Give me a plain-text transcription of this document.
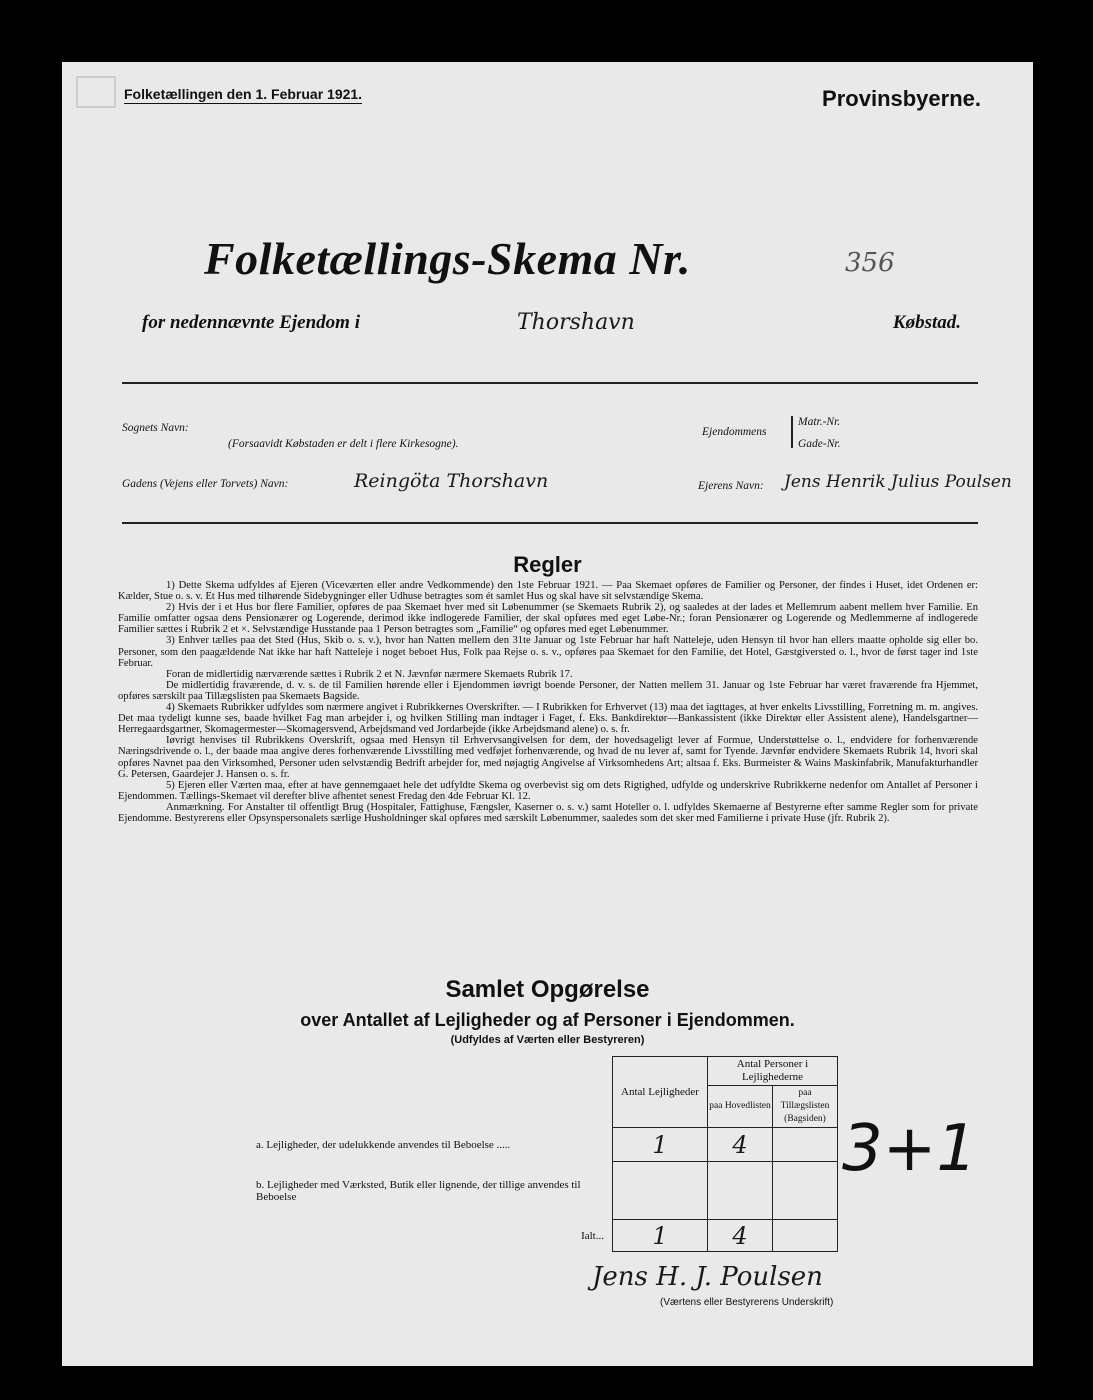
Folketællingen den 1. Februar 1921.	Provinsbyerne.
Folketællings-Skema Nr.	356
for nedennævnte Ejendom i	Thorshavn	Købstad.
Sognets Navn:
(Forsaavidt Købstaden er delt i flere Kirkesogne).
Ejendommens
Matr.-Nr.
Gade-Nr.
Gadens (Vejens eller Torvets) Navn:	Reingöta Thorshavn	Ejerens Navn: Jens Henrik Julius Poulsen
Regler

1) Dette Skema udfyldes af Ejeren (Viceværten eller andre Vedkommende) den 1ste Februar 1921. — Paa Skemaet opføres de Familier og Personer, der findes i Huset, idet Ordenen er: Kælder, Stue o. s. v. Et Hus med tilhørende Sidebygninger eller Udhuse betragtes som ét samlet Hus og skal have sit selvstændige Skema.

2) Hvis der i et Hus bor flere Familier, opføres de paa Skemaet hver med sit Løbenummer (se Skemaets Rubrik 2), og saaledes at der lades et Mellemrum aabent mellem hver Familie. En Familie omfatter ogsaa dens Pensionærer og Logerende, derimod ikke indlogerede Familier, der skal opføres med eget Løbe-Nr.; foran Pensionærer og Logerende og Medlemmerne af indlogerede Familier sættes i Rubrik 2 et ×. Selvstændige Husstande paa 1 Person betragtes som „Familie“ og opføres med eget Løbenummer.

3) Enhver tælles paa det Sted (Hus, Skib o. s. v.), hvor han Natten mellem den 31te Januar og 1ste Februar har haft Natteleje, uden Hensyn til hvor han ellers maatte opholde sig eller bo. Personer, som den paagældende Nat ikke har haft Natteleje i noget beboet Hus, Folk paa Rejse o. s. v., opføres paa Skemaet for den Familie, det Hotel, Gæstgiversted o. l., hvor de først tager ind 1ste Februar.

Foran de midlertidig nærværende sættes i Rubrik 2 et N. Jævnfør nærmere Skemaets Rubrik 17.

De midlertidig fraværende, d. v. s. de til Familien hørende eller i Ejendommen iøvrigt boende Personer, der Natten mellem 31. Januar og 1ste Februar har været fraværende fra Hjemmet, opføres særskilt paa Tillægslisten paa Skemaets Bagside.

4) Skemaets Rubrikker udfyldes som nærmere angivet i Rubrikkernes Overskrifter. — I Rubrikken for Erhvervet (13) maa det iagttages, at hver enkelts Livsstilling, Forretning m. m. angives. Det maa tydeligt kunne ses, baade hvilket Fag man arbejder i, og hvilken Stilling man indtager i Faget, f. Eks. Bankdirektør—Bankassistent (ikke Direktør eller Assistent alene), Handelsgartner—Herregaardsgartner, Skomagermester—Skomagersvend, Arbejdsmand ved Jordarbejde (ikke Arbejdsmand alene) o. s. fr.

Iøvrigt henvises til Rubrikkens Overskrift, ogsaa med Hensyn til Erhvervsangivelsen for dem, der hovedsageligt lever af Formue, Understøttelse o. l., endvidere for forhenværende Næringsdrivende o. l., der baade maa angive deres forhenværende Livsstilling med vedføjet forhenværende, og hvad de nu lever af, samt for Tyende. Jævnfør endvidere Skemaets Rubrik 14, hvori skal opføres Navnet paa den Virksomhed, Personer uden selvstændig Bedrift arbejder for, med nøjagtig Angivelse af Virksomhedens Art; altsaa f. Eks. Burmeister & Wains Maskinfabrik, Manufakturhandler G. Petersen, Gaardejer J. Hansen o. s. fr.

5) Ejeren eller Værten maa, efter at have gennemgaaet hele det udfyldte Skema og overbevist sig om dets Rigtighed, udfylde og underskrive Rubrikkerne nedenfor om Antallet af Personer i Ejendommen. Tællings-Skemaet vil derefter blive afhentet senest Fredag den 4de Februar Kl. 12.

Anmærkning. For Anstalter til offentligt Brug (Hospitaler, Fattighuse, Fængsler, Kaserner o. s. v.) samt Hoteller o. l. udfyldes Skemaerne af Bestyrerne efter samme Regler som for private Ejendomme. Bestyrerens eller Opsynspersonalets særlige Husholdninger skal opføres med særskilt Løbenummer, saaledes som det sker med Familierne i private Huse (jfr. Rubrik 2).

Samlet Opgørelse
over Antallet af Lejligheder og af Personer i Ejendommen.
(Udfyldes af Værten eller Bestyreren)
	Antal Lejligheder	Antal Personer i Lejlighederne	
		paa Hovedlisten	paa Tillægslisten (Bagsiden)
a. Lejligheder, der udelukkende anvendes til Beboelse .....	1	4	
b. Lejligheder med Værksted, Butik eller lignende, der tillige anvendes til Beboelse			
Ialt...	1	4	
3+1
Jens H. J. Poulsen
(Værtens eller Bestyrerens Underskrift)
